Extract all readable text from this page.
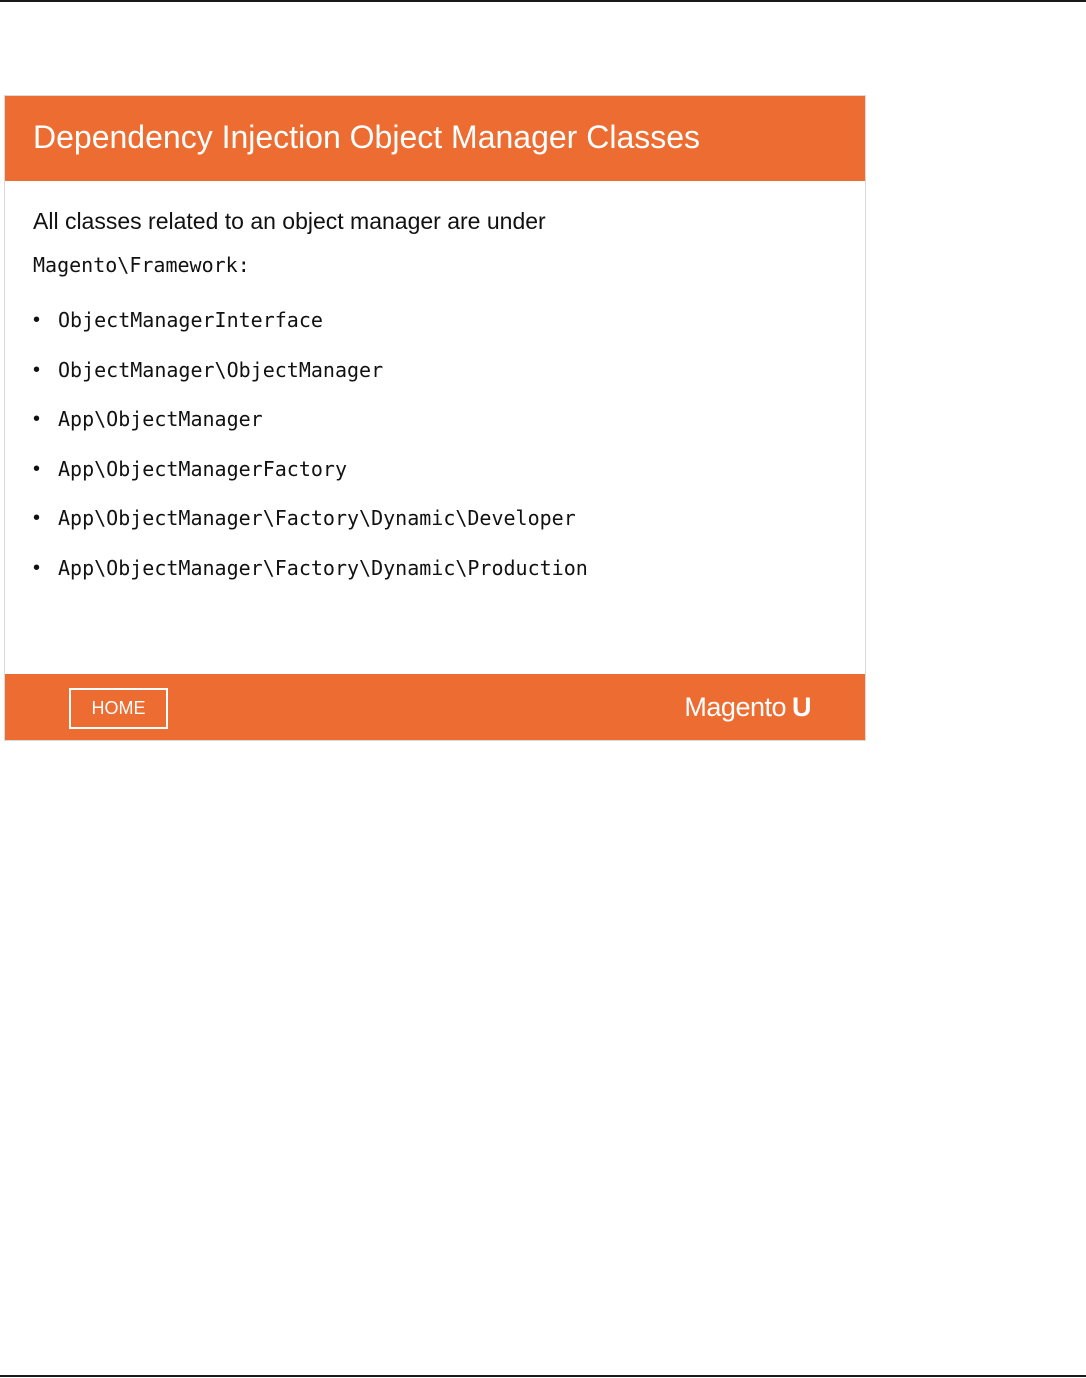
Dependency Injection Object Manager Classes
All classes related to an object manager are under
Magento\Framework:
• ObjectManagerInterface
• ObjectManager\ObjectManager
• App\ObjectManager
• App\ObjectManagerFactory
• App\ObjectManager\Factory\Dynamic\Developer
• App\ObjectManager\Factory\Dynamic\Production
HOME	Magento U
